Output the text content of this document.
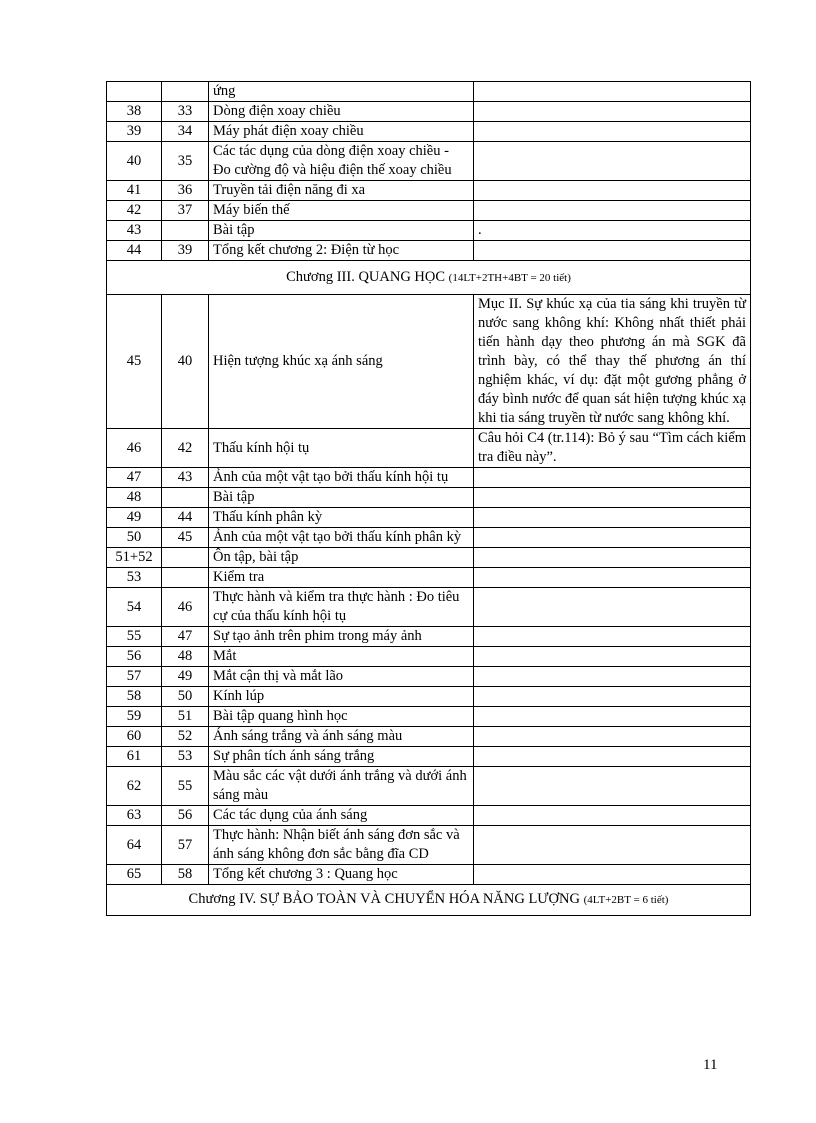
		ứng	
38	33	Dòng điện xoay chiều	
39	34	Máy phát điện xoay chiều	
40	35	Các tác dụng của dòng điện xoay chiều - Đo cường độ và hiệu điện thế xoay chiều	
41	36	Truyền tải điện năng đi xa	
42	37	Máy biến thế	
43		Bài tập	.
44	39	Tổng kết chương 2: Điện từ học	
Chương III. QUANG HỌC (14LT+2TH+4BT = 20 tiết)			
45	40	Hiện tượng khúc xạ ánh sáng	Mục II. Sự khúc xạ của tia sáng khi truyền từ nước sang không khí: Không nhất thiết phải tiến hành dạy theo phương án mà SGK đã trình bày, có thể thay thế phương án thí nghiệm khác, ví dụ: đặt một gương phẳng ở đáy bình nước để quan sát hiện tượng khúc xạ khi tia sáng truyền từ nước sang không khí.
46	42	Thấu kính hội tụ	Câu hỏi C4 (tr.114): Bỏ ý sau “Tìm cách kiểm tra điều này”.
47	43	Ảnh của một vật tạo bởi thấu kính hội tụ	
48		Bài tập	
49	44	Thấu kính phân kỳ	
50	45	Ảnh của một vật tạo bởi thấu kính phân kỳ	
51+52		Ôn tập, bài tập	
53		Kiểm tra	
54	46	Thực hành và kiểm tra thực hành : Đo tiêu cự của thấu kính hội tụ	
55	47	Sự tạo ảnh trên phim trong máy ảnh	
56	48	Mắt	
57	49	Mắt cận thị và mắt lão	
58	50	Kính lúp	
59	51	Bài tập quang hình học	
60	52	Ánh sáng trắng và ánh sáng màu	
61	53	Sự phân tích ánh sáng trắng	
62	55	Màu sắc các vật dưới ánh trắng và dưới ánh sáng màu	
63	56	Các tác dụng của ánh sáng	
64	57	Thực hành: Nhận biết ánh sáng đơn sắc và ánh sáng không đơn sắc bằng đĩa CD	
65	58	Tổng kết chương 3 : Quang học	
Chương IV. SỰ BẢO TOÀN VÀ CHUYỂN HÓA NĂNG LƯỢNG (4LT+2BT = 6 tiết)			
11
